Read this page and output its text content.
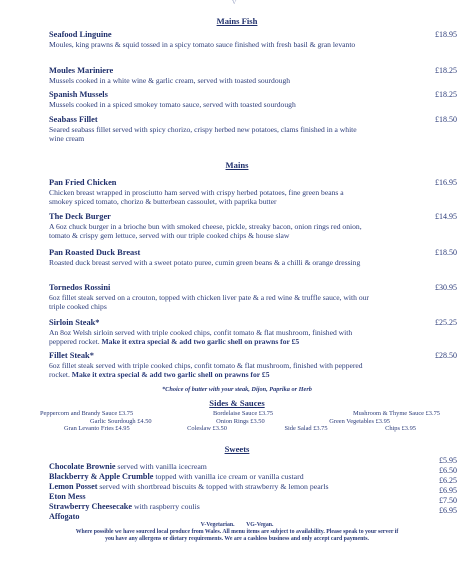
V
Mains Fish
Seafood Linguine
Moules, king prawns & squid tossed in a spicy tomato sauce finished with fresh basil & gran levanto
£18.95
Moules Mariniere
Mussels cooked in a white wine & garlic cream, served with toasted sourdough
£18.25
Spanish Mussels
Mussels cooked in a spiced smokey tomato sauce, served with toasted sourdough
£18.25
Seabass Fillet
Seared seabass fillet served with spicy chorizo, crispy herbed new potatoes, clams finished in a white wine cream
£18.50
Mains
Pan Fried Chicken
Chicken breast wrapped in prosciutto ham served with crispy herbed potatoes, fine green beans a smokey spiced tomato, chorizo & butterbean cassoulet, with paprika butter
£16.95
The Deck Burger
A 6oz chuck burger in a brioche bun with smoked cheese, pickle, streaky bacon, onion rings red onion, tomato & crispy gem lettuce, served with our triple cooked chips & house slaw
£14.95
Pan Roasted Duck Breast
Roasted duck breast served with a sweet potato puree, cumin green beans & a chilli & orange dressing
£18.50
Tornedos Rossini
6oz fillet steak served on a crouton, topped with chicken liver pate & a red wine & truffle sauce, with our triple cooked chips
£30.95
Sirloin Steak*
An 8oz Welsh sirloin served with triple cooked chips, confit tomato & flat mushroom, finished with peppered rocket. Make it extra special & add two garlic shell on prawns for £5
£25.25
Fillet Steak*
6oz fillet steak served with triple cooked chips, confit tomato & flat mushroom, finished with peppered rocket. Make it extra special & add two garlic shell on prawns for £5
£28.50
*Choice of butter with your steak, Dijon, Paprika or Herb
Sides & Sauces
Peppercorn and Brandy Sauce £3.75	Bordelaise Sauce £3.75	Mushroom & Thyme Sauce £3.75
Garlic Sourdough £4.50	Onion Rings £3.50	Green Vegetables £3.95
Gran Levanto Fries £4.95	Coleslaw £3.50	Side Salad £3.75	Chips £3.95
Sweets
Chocolate Brownie served with vanilla icecream
£5.95
Blackberry & Apple Crumble topped with vanilla ice cream or vanilla custard
£6.50
Lemon Posset served with shortbread biscuits & topped with strawberry & lemon pearls
£6.25
Eton Mess
£6.95
Strawberry Cheesecake with raspberry coulis
£7.50
Affogato
£6.95
V-Vegetarian.        VG-Vegan.
Where possible we have sourced local produce from Wales. All menu items are subject to availability. Please speak to your server if
you have any allergens or dietary requirements. We are a cashless business and only accept card payments.
